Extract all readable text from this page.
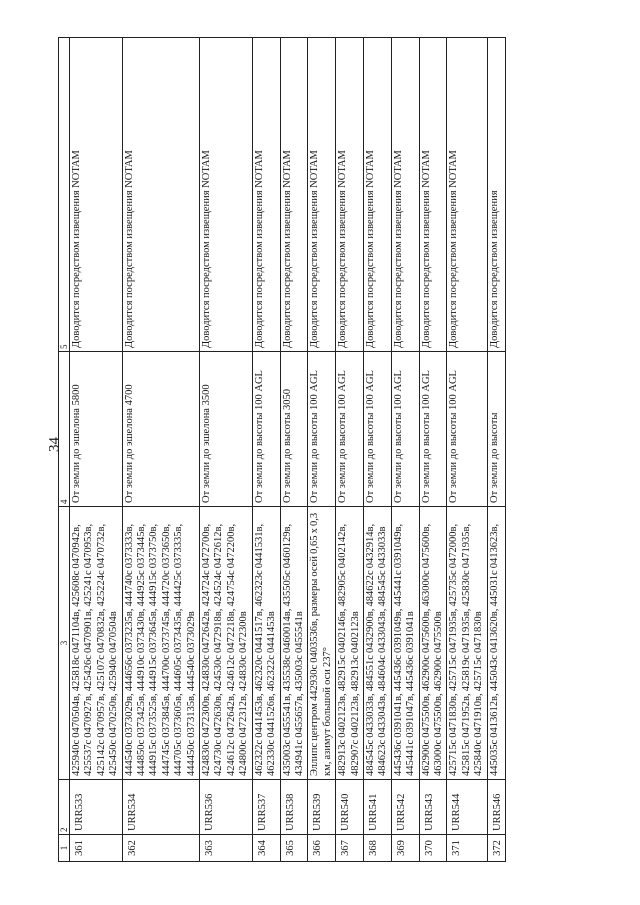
34
1	2	3	4	5
361	URR533	425940с 0470504в, 425818с 0471104в, 425608с 0470942в, 425537с 0470927в, 425426с 0470901в, 425241с 0470953в, 425142с 0470957в, 425107с 0470832в, 425224с 0470732в, 425450с 0470250в, 425940с 0470504в	От земли до эшелона 5800	Доводится посредством извещения NOTAM
362	URR534	444540с 0373029в, 444656с 0373235в, 444740с 0373333в, 444850с 0373425в, 444910с 0373430в, 444925с 0373445в, 444915с 0373525в, 444915с 0373645в, 444915с 0373750в, 444745с 0373845в, 444700с 0373745в, 444720с 0373650в, 444705с 0373605в, 444605с 0373435в, 444425с 0373335в, 444450с 0373135в, 444540с 0373029в	От земли до эшелона 4700	Доводится посредством извещения NOTAM
363	URR536	424830с 0472300в, 424830с 0472642в, 424724с 0472700в, 424730с 0472630в, 424530с 0472918в, 424524с 0472612в, 424612с 0472642в, 424612с 0472218в, 424754с 0472200в, 424800с 0472312в, 424830с 0472300в	От земли до эшелона 3500	Доводится посредством извещения NOTAM
364	URR537	462322с 0441453в, 462320с 0441517в, 462323с 0441531в, 462330с 0441526в, 462322с 0441453в	От земли до высоты 100 AGL	Доводится посредством извещения NOTAM
365	URR538	435003с 0455541в, 435538с 0460014в, 435505с 0460129в, 434941с 0455657в, 435003с 0455541в	От земли до высоты 3050	Доводится посредством извещения NOTAM
366	URR539	Эллипс центром 442930с 0403536в, размеры осей 0,65 х 0,3 км, азимут большой оси 237°	От земли до высоты 100 AGL	Доводится посредством извещения NOTAM
367	URR540	482913с 0402123в, 482915с 0402146в, 482905с 0402142в, 482907с 0402123в, 482913с 0402123в	От земли до высоты 100 AGL	Доводится посредством извещения NOTAM
368	URR541	484545с 0433033в, 484551с 0432900в, 484622с 0432914в, 484623с 0433043в, 484604с 0433043в, 484545с 0433033в	От земли до высоты 100 AGL	Доводится посредством извещения NOTAM
369	URR542	445436с 0391041в, 445436с 0391049в, 445441с 0391049в, 445441с 0391047в, 445436с 0391041в	От земли до высоты 100 AGL	Доводится посредством извещения NOTAM
370	URR543	462900с 0475500в, 462900с 0475600в, 463000с 0475600в, 463000с 0475500в, 462900с 0475500в	От земли до высоты 100 AGL	Доводится посредством извещения NOTAM
371	URR544	425715с 0471830в, 425715с 0471935в, 425735с 0472000в, 425815с 0471952в, 425819с 0471935в, 425830с 0471935в, 425840с 0471910в, 425715с 0471830в	От земли до высоты 100 AGL	Доводится посредством извещения NOTAM
372	URR546	445035с 0413612в, 445043с 0413620в, 445031с 0413623в,	От земли до высоты	Доводится посредством извещения
